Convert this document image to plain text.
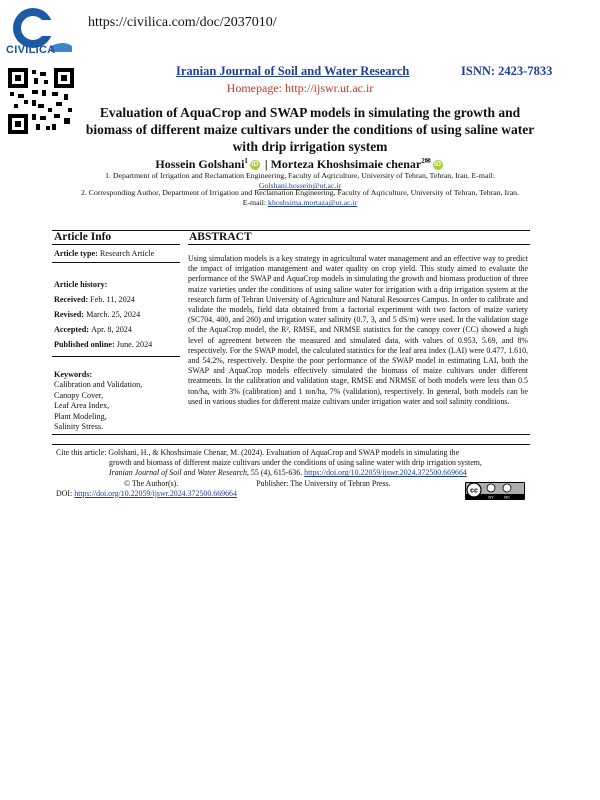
CIVILICA
https://civilica.com/doc/2037010/
Iranian Journal of Soil and Water Research	ISNN: 2423-7833
Homepage: http://ijswr.ut.ac.ir
Evaluation of AquaCrop and SWAP models in simulating the growth and
biomass of different maize cultivars under the conditions of using saline water
with drip irrigation system
Hossein Golshani$^1$ iD | Morteza Khoshsimaie chenar$^{2✉}$ iD
1. Department of Irrigation and Reclamation Engineering, Faculty of Aqriculture, University of Tehran, Tehran, Iran. E-mail:
Golshani.hossein@ut.ac.ir
2. Corresponding Author, Department of Irrigation and Reclamation Engineering, Faculty of Aqriculture, University of Tehran, Tehran, Iran. E-mail: khoshsima.mortaza@ut.ac.ir
Article Info	ABSTRACT
Article type: Research Article
Article history:
Received: Feb. 11, 2024
Revised: March. 25, 2024
Accepted: Apr. 8, 2024
Published online: June. 2024
Keywords:
Calibration and Validation,
Canopy Cover,
Leaf Area Index,
Plant Modeling,
Salinity Stress.
Using simulation models is a key strategy in agricultural water management and an effective way to predict the impact of irrigation management and water quality on crop yield. This study aimed to evaluate the performance of the SWAP and AquaCrop models in simulating the growth and biomass production of three maize varieties under the conditions of using saline water for irrigation with a drip irrigation system at the research farm of Tehran University of Agriculture and Natural Resources Campus. In order to calibrate and validate the models, field data obtained from a factorial experiment with two factors of maize variety (SC704, 400, and 260) and irrigation water salinity (0.7, 3, and 5 dS/m) were used. In the validation stage of the AquaCrop model, the R², RMSE, and NRMSE statistics for the canopy cover (CC) showed a high level of agreement between the measured and simulated data, with values of 0.953, 5.69, and 8% respectively. For the SWAP model, the calculated statistics for the leaf area index (LAI) were 0.477, 1.610, and 54.2%, respectively. Despite the poor performance of the SWAP model in estimating LAI, both the SWAP and AquaCrop models effectively simulated the biomass of maize cultivars under different treatments. In the calibration and validation stage, RMSE and NRMSE of both models were less than 0.5 ton/ha, with 3% (calibration) and 1 ton/ha, 7% (validation), respectively. In general, both models can be used in various studies for different maize cultivars under irrigation water and soil salinity conditions.
Cite this article: Golshani, H., & Khoshsimaie Chenar, M. (2024). Evaluation of AquaCrop and SWAP models in simulating the
growth and biomass of different maize cultivars under the conditions of using saline water with drip irrigation system,
Iranian Journal of Soil and Water Research, 55 (4), 615-636. https://doi.org/10.22059/ijswr.2024.372500.669664
© The Author(s).	Publisher: The University of Tehran Press.
DOI: https://doi.org/10.22059/ijswr.2024.372500.669664	cc
BY	NC
